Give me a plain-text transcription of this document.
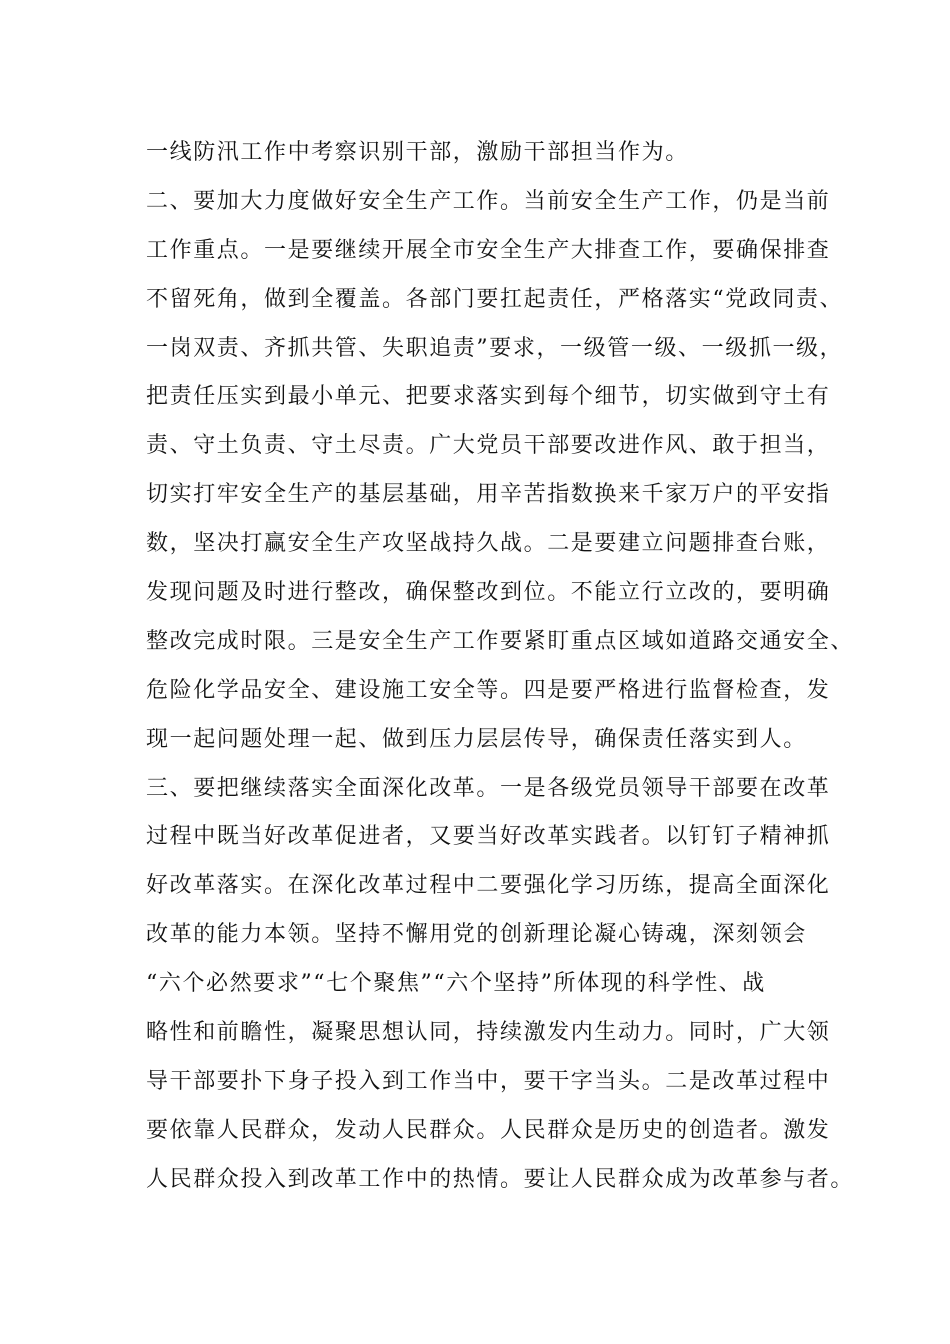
一线防汛工作中考察识别干部，激励干部担当作为。
二、要加大力度做好安全生产工作。当前安全生产工作，仍是当前
工作重点。一是要继续开展全市安全生产大排查工作，要确保排查
不留死角，做到全覆盖。各部门要扛起责任，严格落实“党政同责、
一岗双责、齐抓共管、失职追责”要求，一级管一级、一级抓一级，
把责任压实到最小单元、把要求落实到每个细节，切实做到守土有
责、守土负责、守土尽责。广大党员干部要改进作风、敢于担当，
切实打牢安全生产的基层基础，用辛苦指数换来千家万户的平安指
数，坚决打赢安全生产攻坚战持久战。二是要建立问题排查台账，
发现问题及时进行整改，确保整改到位。不能立行立改的，要明确
整改完成时限。三是安全生产工作要紧盯重点区域如道路交通安全、
危险化学品安全、建设施工安全等。四是要严格进行监督检查，发
现一起问题处理一起、做到压力层层传导，确保责任落实到人。
三、要把继续落实全面深化改革。一是各级党员领导干部要在改革
过程中既当好改革促进者，又要当好改革实践者。以钉钉子精神抓
好改革落实。在深化改革过程中二要强化学习历练，提高全面深化
改革的能力本领。坚持不懈用党的创新理论凝心铸魂，深刻领会
“六个必然要求”“七个聚焦”“六个坚持”所体现的科学性、战
略性和前瞻性，凝聚思想认同，持续激发内生动力。同时，广大领
导干部要扑下身子投入到工作当中，要干字当头。二是改革过程中
要依靠人民群众，发动人民群众。人民群众是历史的创造者。激发
人民群众投入到改革工作中的热情。要让人民群众成为改革参与者。
